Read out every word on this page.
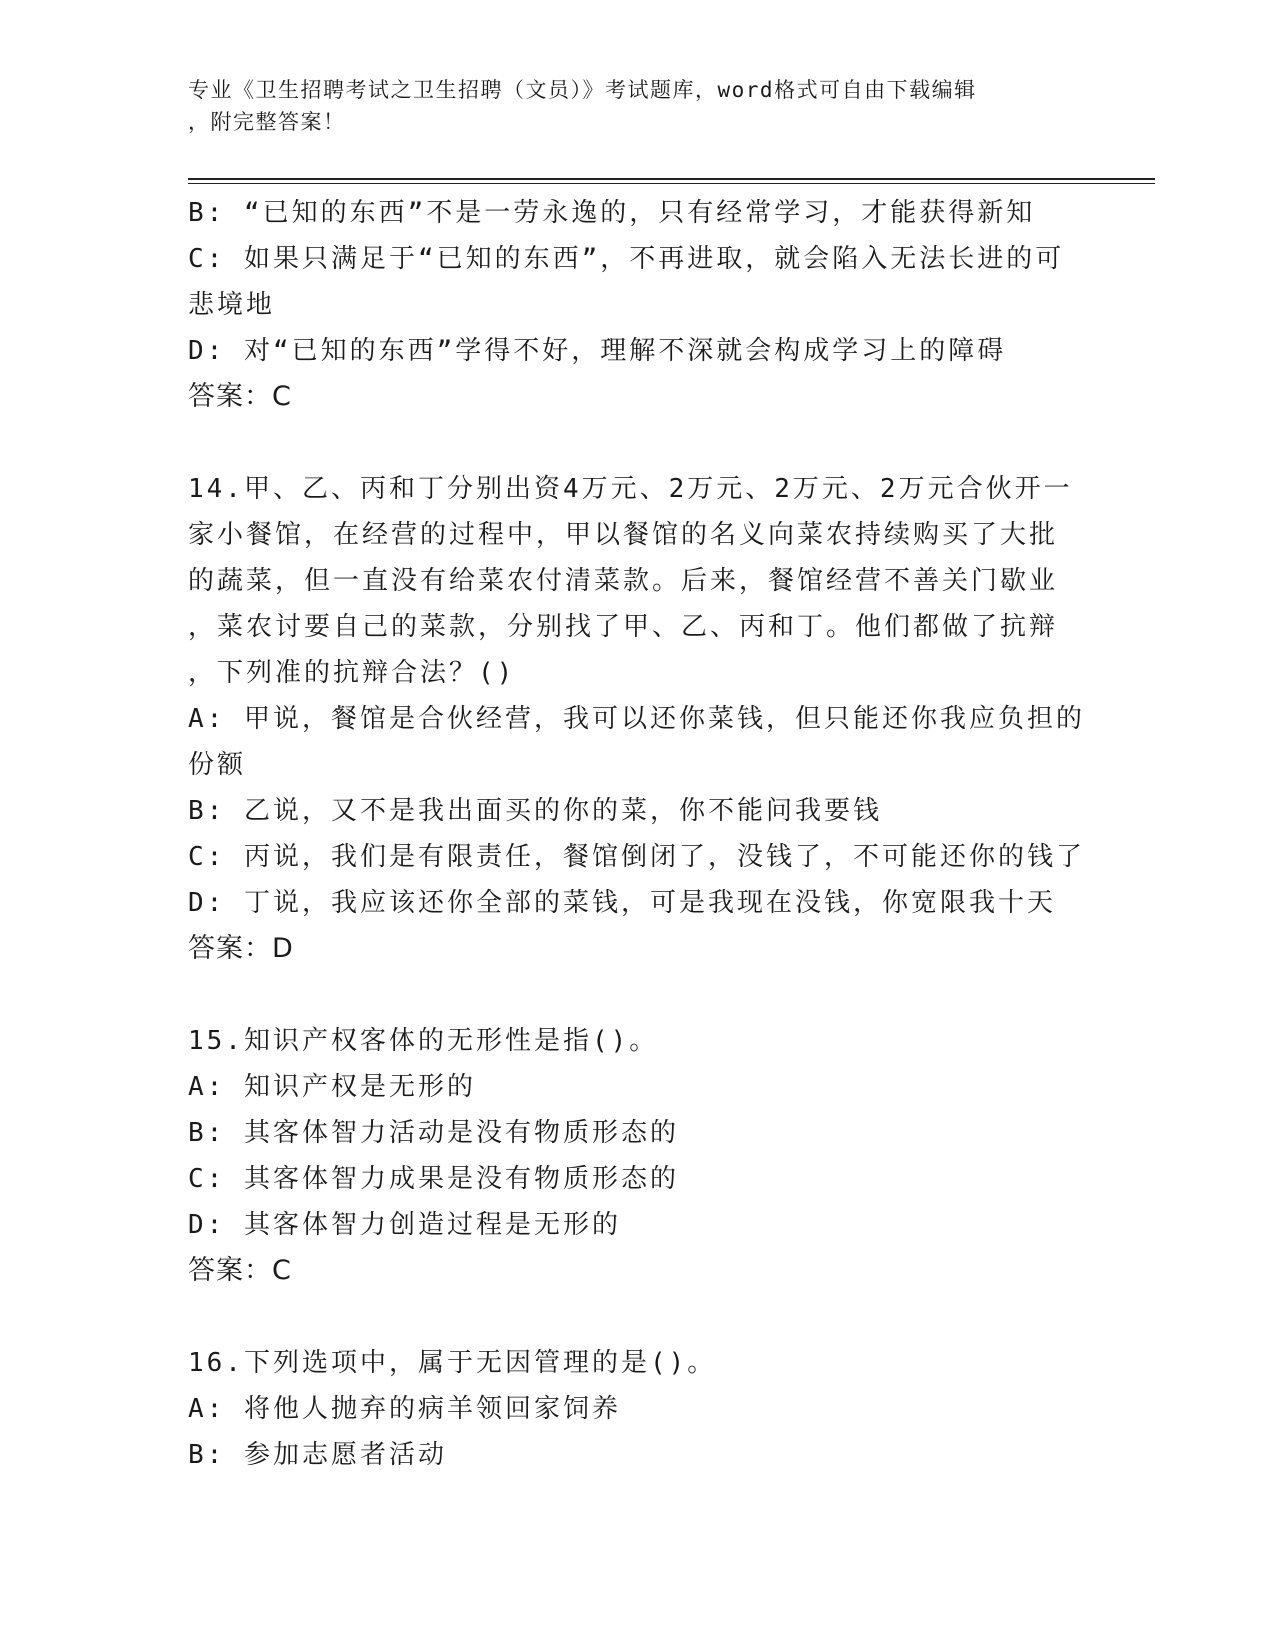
专业《卫生招聘考试之卫生招聘（文员）》考试题库，word格式可自由下载编辑
，附完整答案！
B: “已知的东西”不是一劳永逸的，只有经常学习，才能获得新知
C: 如果只满足于“已知的东西”，不再进取，就会陷入无法长进的可
悲境地
D: 对“已知的东西”学得不好，理解不深就会构成学习上的障碍
答案：C
14.甲、乙、丙和丁分别出资4万元、2万元、2万元、2万元合伙开一
家小餐馆，在经营的过程中，甲以餐馆的名义向菜农持续购买了大批
的蔬菜，但一直没有给菜农付清菜款。后来，餐馆经营不善关门歇业
，菜农讨要自己的菜款，分别找了甲、乙、丙和丁。他们都做了抗辩
，下列准的抗辩合法？()
A: 甲说，餐馆是合伙经营，我可以还你菜钱，但只能还你我应负担的
份额
B: 乙说，又不是我出面买的你的菜，你不能问我要钱
C: 丙说，我们是有限责任，餐馆倒闭了，没钱了，不可能还你的钱了
D: 丁说，我应该还你全部的菜钱，可是我现在没钱，你宽限我十天
答案：D
15.知识产权客体的无形性是指()。
A: 知识产权是无形的
B: 其客体智力活动是没有物质形态的
C: 其客体智力成果是没有物质形态的
D: 其客体智力创造过程是无形的
答案：C
16.下列选项中，属于无因管理的是()。
A: 将他人抛弃的病羊领回家饲养
B: 参加志愿者活动
